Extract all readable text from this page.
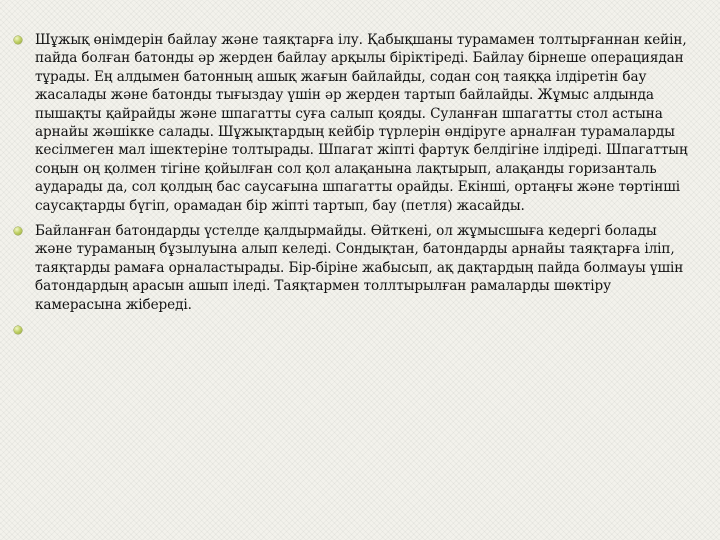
Шұжық өнімдерін байлау және таяқтарға ілу. Қабықшаны турамамен толтырғаннан кейін, пайда болған батонды әр жерден байлау арқылы біріктіреді. Байлау бірнеше операциядан тұрады. Ең алдымен батонның ашық жағын байлайды, содан соң таяққа ілдіретін бау жасалады және батонды тығыздау үшін әр жерден тартып байлайды. Жұмыс алдында пышақты қайрайды және шпагатты суға салып қояды. Суланған шпагатты стол астына арнайы жәшікке салады. Шұжықтардың кейбір түрлерін өндіруге арналған турамаларды кесілмеген мал ішектеріне толтырады. Шпагат жіпті фартук белдігіне ілдіреді. Шпагаттың соңын оң қолмен тігіне қойылған сол қол алақанына лақтырып, алақанды горизанталь аударады да, сол қолдың бас саусағына шпагатты орайды. Екінші, ортаңғы және төртінші саусақтарды бүгіп, орамадан бір жіпті тартып, бау (петля) жасайды.
Байланған батондарды үстелде қалдырмайды. Өйткені, ол жұмысшыға кедергі болады және тураманың бұзылуына алып келеді. Сондықтан, батондарды арнайы таяқтарға ілiп, таяқтарды рамаға орналастырады. Бір-біріне жабысып, ақ дақтардың пайда болмауы үшін батондардың арасын ашып іледі. Таяқтармен толлтырылған рамаларды шөктіру камерасына жібереді.
